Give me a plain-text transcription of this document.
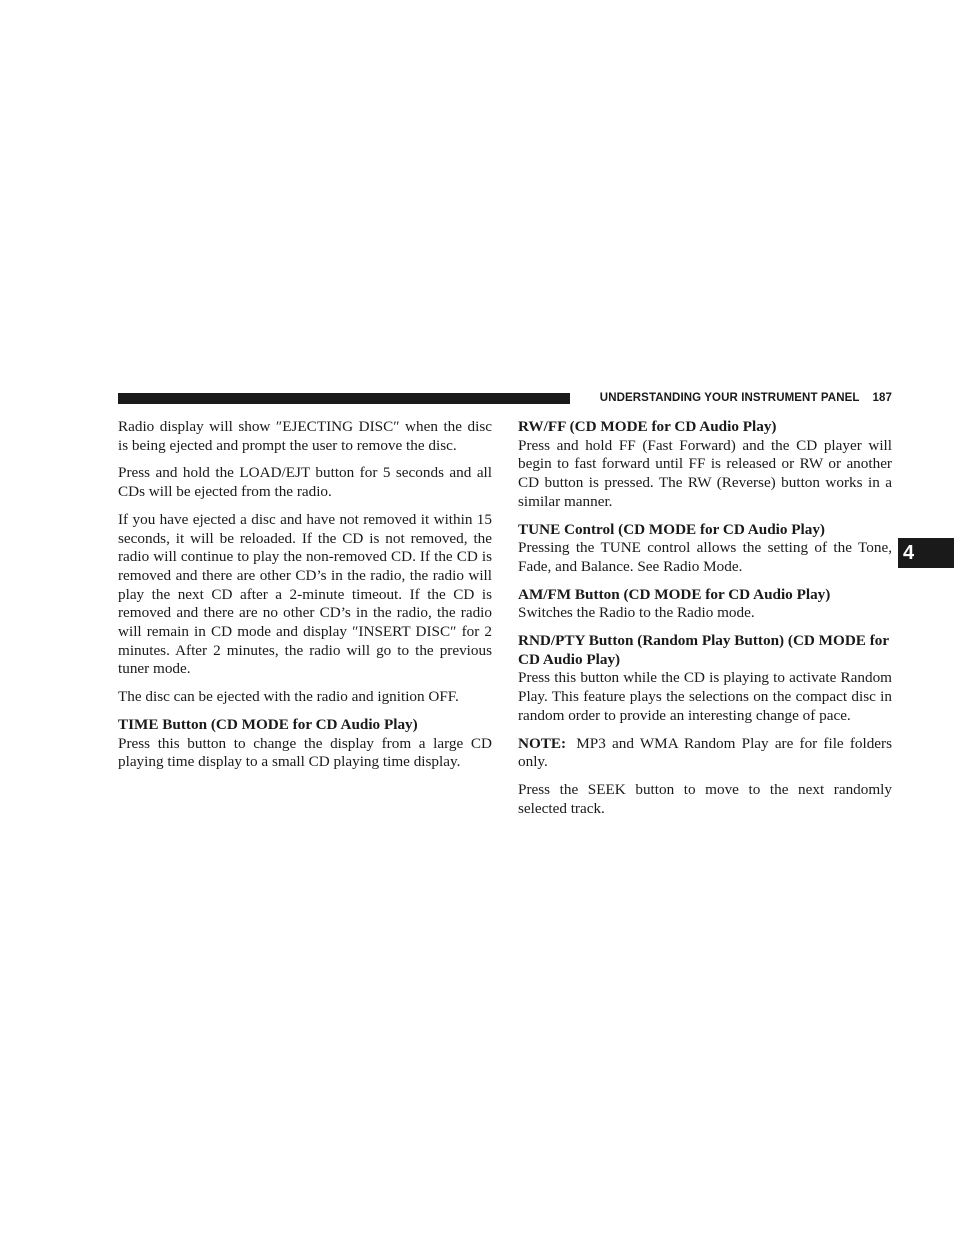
UNDERSTANDING YOUR INSTRUMENT PANEL 187
4

Radio display will show ″EJECTING DISC″ when the disc is being ejected and prompt the user to remove the disc.

Press and hold the LOAD/EJT button for 5 seconds and all CDs will be ejected from the radio.

If you have ejected a disc and have not removed it within 15 seconds, it will be reloaded. If the CD is not removed, the radio will continue to play the non-removed CD. If the CD is removed and there are other CD’s in the radio, the radio will play the next CD after a 2-minute timeout. If the CD is removed and there are no other CD’s in the radio, the radio will remain in CD mode and display ″INSERT DISC″ for 2 minutes. After 2 minutes, the radio will go to the previous tuner mode.

The disc can be ejected with the radio and ignition OFF.

TIME Button (CD MODE for CD Audio Play)

Press this button to change the display from a large CD playing time display to a small CD playing time display.

RW/FF (CD MODE for CD Audio Play)

Press and hold FF (Fast Forward) and the CD player will begin to fast forward until FF is released or RW or another CD button is pressed. The RW (Reverse) button works in a similar manner.

TUNE Control (CD MODE for CD Audio Play)

Pressing the TUNE control allows the setting of the Tone, Fade, and Balance. See Radio Mode.

AM/FM Button (CD MODE for CD Audio Play)

Switches the Radio to the Radio mode.

RND/PTY Button (Random Play Button) (CD MODE for CD Audio Play)

Press this button while the CD is playing to activate Random Play. This feature plays the selections on the compact disc in random order to provide an interesting change of pace.

NOTE: MP3 and WMA Random Play are for file folders only.

Press the SEEK button to move to the next randomly selected track.
